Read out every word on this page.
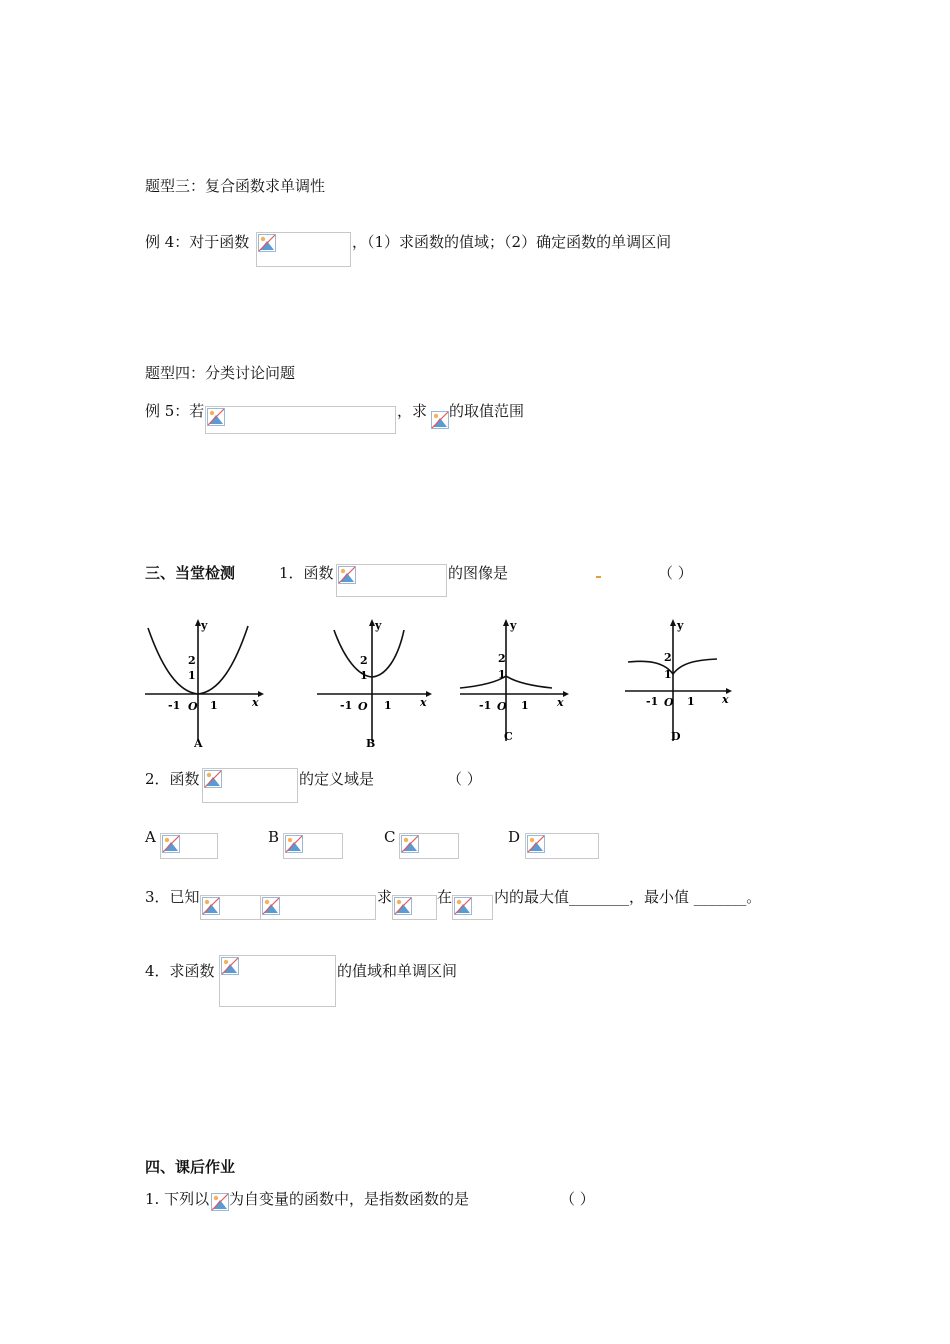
题型三：复合函数求单调性
例 4：对于函数	，（1）求函数的值域；（2）确定函数的单调区间
题型四：分类讨论问题
例 5：若	，求 的取值范围
三、当堂检测	1．函数	的图像是	（ ）
y
x
2
1
-1 O 1
A
y
x
2
1
-1 O 1
B
y
x
2
1
-1 O 1
C
y
x
2
1
-1 O 1
D
2．函数	的定义域是	（ ）
A	B	C	D
3．已知	求	在	内的最大值________，最小值 _______。
4．求函数	的值域和单调区间
四、课后作业
1. 下列以 为自变量的函数中，是指数函数的是	（ ）
